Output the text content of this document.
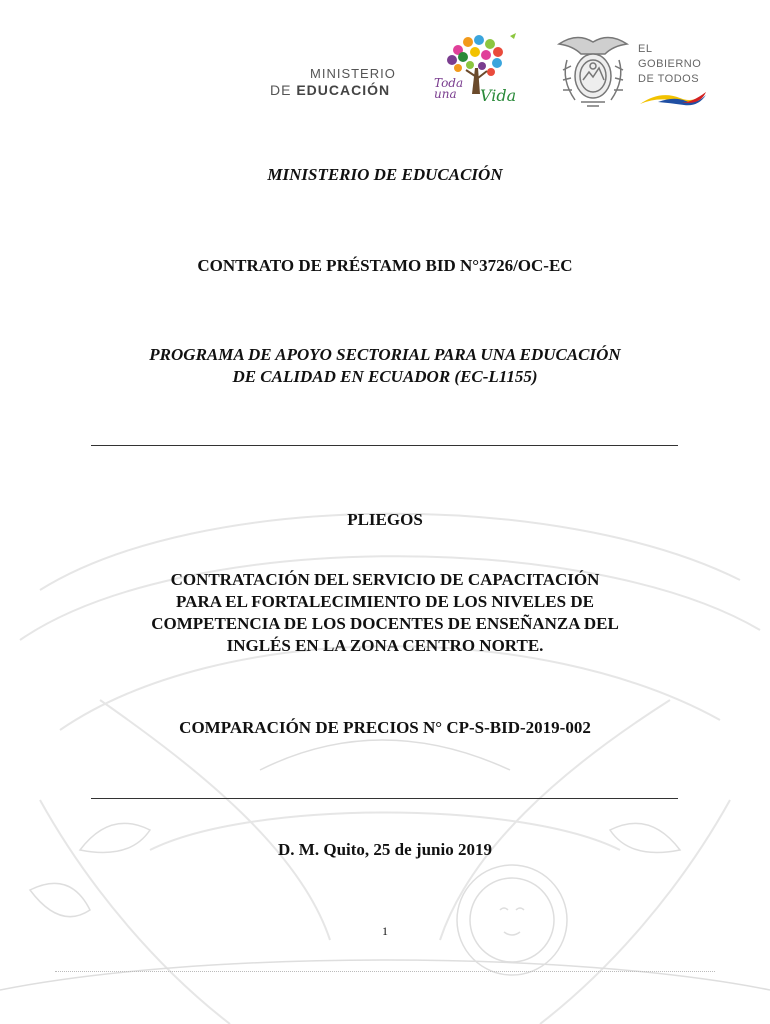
MINISTERIO
DE EDUCACIÓN	Toda
una	Vida
EL
GOBIERNO
DE TODOS
MINISTERIO DE EDUCACIÓN
CONTRATO DE PRÉSTAMO BID N°3726/OC-EC
PROGRAMA DE APOYO SECTORIAL PARA UNA EDUCACIÓN
DE CALIDAD EN ECUADOR (EC-L1155)
PLIEGOS
CONTRATACIÓN DEL SERVICIO DE CAPACITACIÓN
PARA EL FORTALECIMIENTO DE LOS NIVELES DE
COMPETENCIA DE LOS DOCENTES DE ENSEÑANZA DEL
INGLÉS EN LA ZONA CENTRO NORTE.
COMPARACIÓN DE PRECIOS N° CP-S-BID-2019-002
D. M. Quito, 25 de junio 2019
1
